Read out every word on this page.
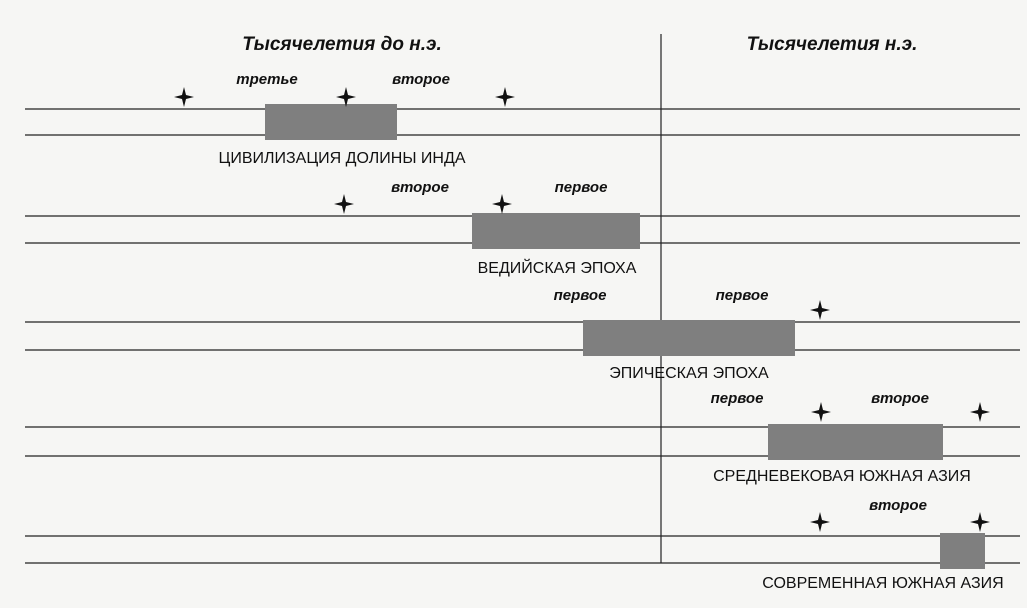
Тысячелетия до н.э.	Тысячелетия н.э.
третье	второе
ЦИВИЛИЗАЦИЯ ДОЛИНЫ ИНДА
второе	первое
ВЕДИЙСКАЯ ЭПОХА
первое	первое
ЭПИЧЕСКАЯ ЭПОХА
первое	второе
СРЕДНЕВЕКОВАЯ ЮЖНАЯ АЗИЯ
второе
СОВРЕМЕННАЯ ЮЖНАЯ АЗИЯ
